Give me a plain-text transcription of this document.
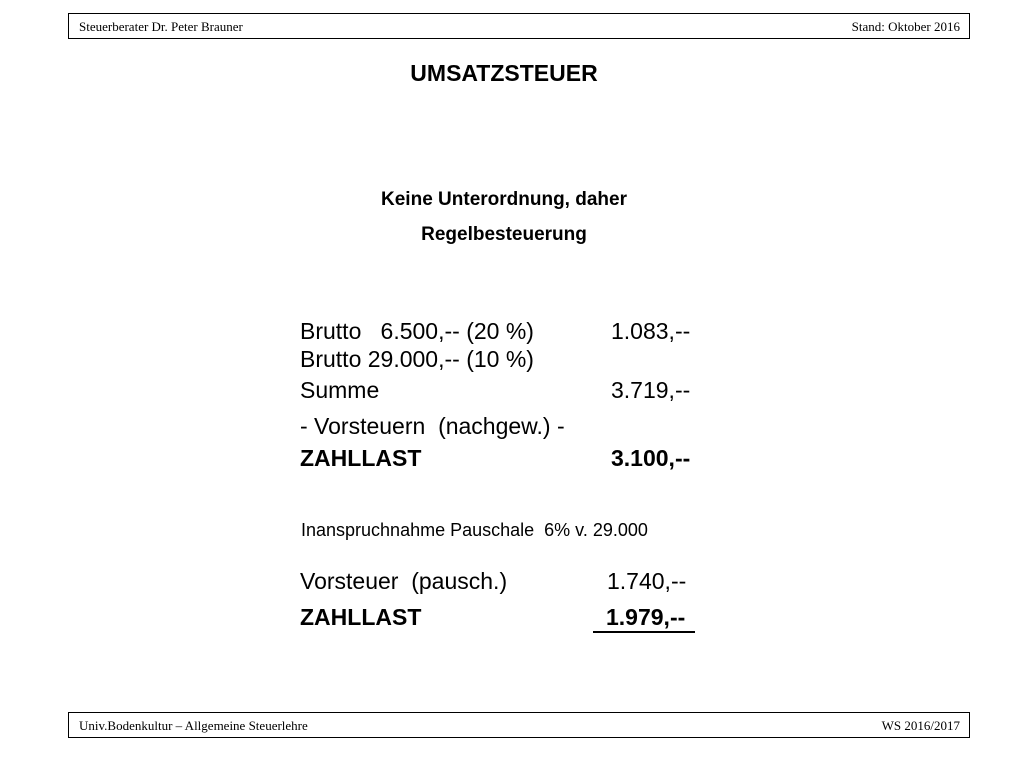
Steuerberater Dr. Peter Brauner	Stand: Oktober 2016
UMSATZSTEUER
Keine Unterordnung, daher
Regelbesteuerung
Brutto   6.500,-- (20 %)	1.083,--
Brutto 29.000,-- (10 %)
Summe	3.719,--
- Vorsteuern  (nachgew.) -
ZAHLLAST	3.100,--
Inanspruchnahme Pauschale  6% v. 29.000
Vorsteuer  (pausch.)	1.740,--
ZAHLLAST	1.979,--
Univ.Bodenkultur – Allgemeine Steuerlehre	WS 2016/2017
